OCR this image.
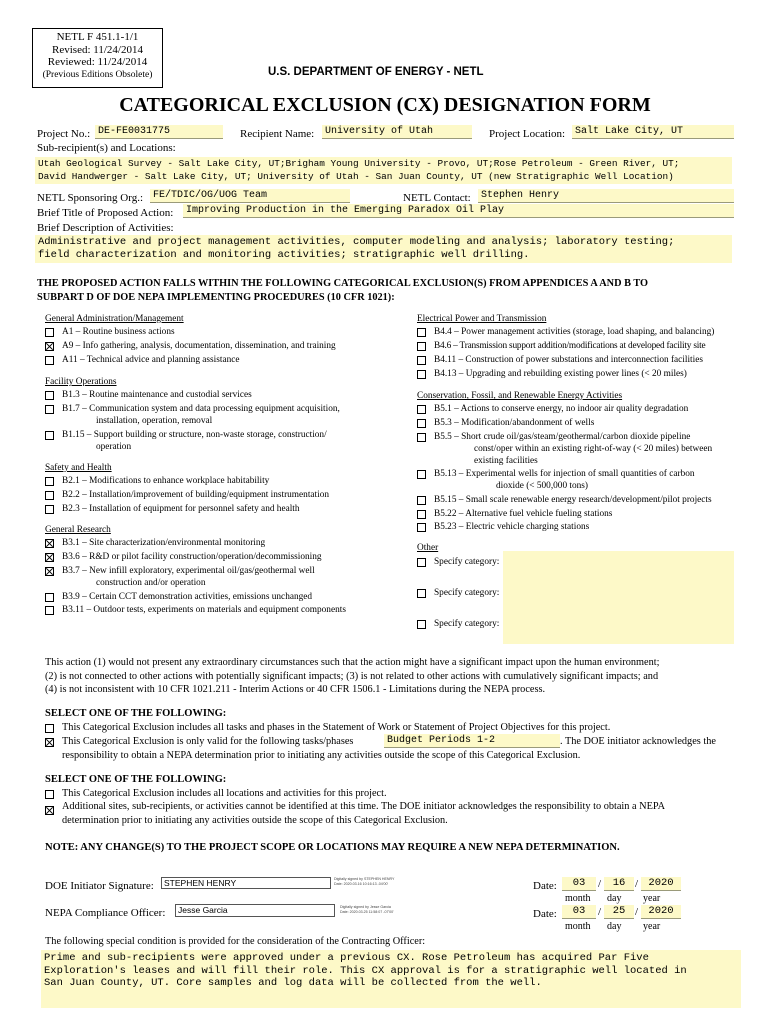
NETL F 451.1-1/1
Revised: 11/24/2014
Reviewed: 11/24/2014
(Previous Editions Obsolete)	U.S. DEPARTMENT OF ENERGY - NETL
CATEGORICAL EXCLUSION (CX) DESIGNATION FORM
Project No.: DE-FE0031775	Recipient Name:	University of Utah	Project Location: Salt Lake City, UT
Sub-recipient(s) and Locations:
Utah Geological Survey - Salt Lake City, UT;Brigham Young University - Provo, UT;Rose Petroleum - Green River, UT;
David Handwerger - Salt Lake City, UT; University of Utah - San Juan County, UT (new Stratigraphic Well Location)
NETL Sponsoring Org.: FE/TDIC/OG/UOG Team	NETL Contact:	Stephen Henry
Brief Title of Proposed Action:	Improving Production in the Emerging Paradox Oil Play
Brief Description of Activities:
Administrative and project management activities, computer modeling and analysis; laboratory testing;
field characterization and monitoring activities; stratigraphic well drilling.
THE PROPOSED ACTION FALLS WITHIN THE FOLLOWING CATEGORICAL EXCLUSION(S) FROM APPENDICES A AND B TO
SUBPART D OF DOE NEPA IMPLEMENTING PROCEDURES (10 CFR 1021):
General Administration/Management
A1 – Routine business actions
A9 – Info gathering, analysis, documentation, dissemination, and training
A11 – Technical advice and planning assistance
Facility Operations
B1.3 – Routine maintenance and custodial services
B1.7 – Communication system and data processing equipment acquisition,
installation, operation, removal
B1.15 – Support building or structure, non-waste storage, construction/
operation
Safety and Health
B2.1 – Modifications to enhance workplace habitability
B2.2 – Installation/improvement of building/equipment instrumentation
B2.3 – Installation of equipment for personnel safety and health
General Research
B3.1 – Site characterization/environmental monitoring
B3.6 – R&D or pilot facility construction/operation/decommissioning
B3.7 – New infill exploratory, experimental oil/gas/geothermal well
construction and/or operation
B3.9 – Certain CCT demonstration activities, emissions unchanged
B3.11 – Outdoor tests, experiments on materials and equipment components
Electrical Power and Transmission
B4.4 – Power management activities (storage, load shaping, and balancing)
B4.6 – Transmission support addition/modifications at developed facility site
B4.11 – Construction of power substations and interconnection facilities
B4.13 – Upgrading and rebuilding existing power lines (< 20 miles)
Conservation, Fossil, and Renewable Energy Activities
B5.1 – Actions to conserve energy, no indoor air quality degradation
B5.3 – Modification/abandonment of wells
B5.5 – Short crude oil/gas/steam/geothermal/carbon dioxide pipeline
const/oper within an existing right-of-way (< 20 miles) between
existing facilities
B5.13 – Experimental wells for injection of small quantities of carbon
dioxide (< 500,000 tons)
B5.15 – Small scale renewable energy research/development/pilot projects
B5.22 – Alternative fuel vehicle fueling stations
B5.23 – Electric vehicle charging stations
Other
Specify category:
Specify category:
Specify category:
This action (1) would not present any extraordinary circumstances such that the action might have a significant impact upon the human environment;
(2) is not connected to other actions with potentially significant impacts; (3) is not related to other actions with cumulatively significant impacts; and
(4) is not inconsistent with 10 CFR 1021.211 - Interim Actions or 40 CFR 1506.1 - Limitations during the NEPA process.
SELECT ONE OF THE FOLLOWING:
This Categorical Exclusion includes all tasks and phases in the Statement of Work or Statement of Project Objectives for this project.
This Categorical Exclusion is only valid for the following tasks/phases	Budget Periods 1-2	. The DOE initiator acknowledges the
responsibility to obtain a NEPA determination prior to initiating any activities outside the scope of this Categorical Exclusion.
SELECT ONE OF THE FOLLOWING:
This Categorical Exclusion includes all locations and activities for this project.
Additional sites, sub-recipients, or activities cannot be identified at this time. The DOE initiator acknowledges the responsibility to obtain a NEPA
determination prior to initiating any activities outside the scope of this Categorical Exclusion.
NOTE: ANY CHANGE(S) TO THE PROJECT SCOPE OR LOCATIONS MAY REQUIRE A NEW NEPA DETERMINATION.
DOE Initiator Signature:	STEPHEN HENRY	Digitally signed by STEPHEN HENRY
Date: 2020.03.16 10:16:13 -04'00'
NEPA Compliance Officer:	Jesse Garcia	Digitally signed by Jesse Garcia
Date: 2020.03.25 11:58:07 -07'00'
Date:	03	/	16 / 2020
month day year
Date:	03	/	25 / 2020
month day year
The following special condition is provided for the consideration of the Contracting Officer:
Prime and sub-recipients were approved under a previous CX. Rose Petroleum has acquired Par Five
Exploration's leases and will fill their role. This CX approval is for a stratigraphic well located in
San Juan County, UT. Core samples and log data will be collected from the well.
